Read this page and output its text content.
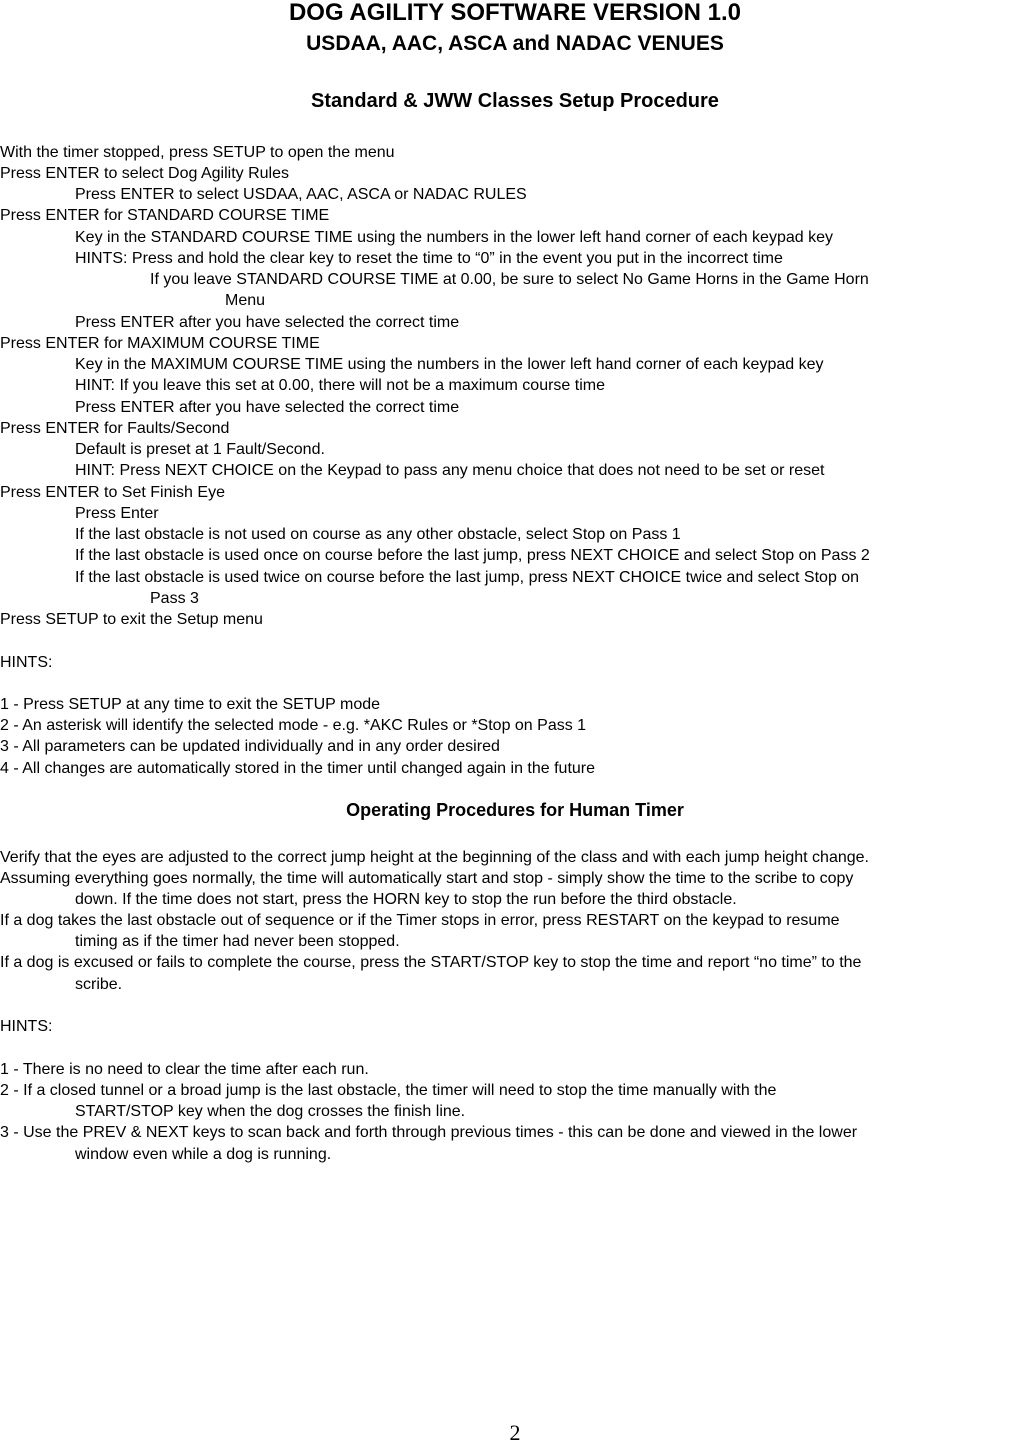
DOG AGILITY SOFTWARE VERSION 1.0
USDAA, AAC, ASCA and NADAC VENUES
Standard & JWW Classes Setup Procedure
With the timer stopped, press SETUP to open the menu
Press ENTER to select Dog Agility Rules
Press ENTER to select USDAA, AAC, ASCA or NADAC RULES
Press ENTER for STANDARD COURSE TIME
Key in the STANDARD COURSE TIME using the numbers in the lower left hand corner of each keypad key
HINTS: Press and hold the clear key to reset the time to “0” in the event you put in the incorrect time
If you leave STANDARD COURSE TIME at 0.00, be sure to select No Game Horns in the Game Horn
Menu
Press ENTER after you have selected the correct time
Press ENTER for MAXIMUM COURSE TIME
Key in the MAXIMUM COURSE TIME using the numbers in the lower left hand corner of each keypad key
HINT: If you leave this set at 0.00, there will not be a maximum course time
Press ENTER after you have selected the correct time
Press ENTER for Faults/Second
Default is preset at 1 Fault/Second.
HINT: Press NEXT CHOICE on the Keypad to pass any menu choice that does not need to be set or reset
Press ENTER to Set Finish Eye
Press Enter
If the last obstacle is not used on course as any other obstacle, select Stop on Pass 1
If the last obstacle is used once on course before the last jump, press NEXT CHOICE and select Stop on Pass 2
If the last obstacle is used twice on course before the last jump, press NEXT CHOICE twice and select Stop on
Pass 3
Press SETUP to exit the Setup menu
HINTS:
1 - Press SETUP at any time to exit the SETUP mode
2 - An asterisk will identify the selected mode - e.g. *AKC Rules or *Stop on Pass 1
3 - All parameters can be updated individually and in any order desired
4 - All changes are automatically stored in the timer until changed again in the future
Operating Procedures for Human Timer
Verify that the eyes are adjusted to the correct jump height at the beginning of the class and with each jump height change.
Assuming everything goes normally, the time will automatically start and stop - simply show the time to the scribe to copy
down. If the time does not start, press the HORN key to stop the run before the third obstacle.
If a dog takes the last obstacle out of sequence or if the Timer stops in error, press RESTART on the keypad to resume
timing as if the timer had never been stopped.
If a dog is excused or fails to complete the course, press the START/STOP key to stop the time and report “no time” to the
scribe.
HINTS:
1 - There is no need to clear the time after each run.
2 - If a closed tunnel or a broad jump is the last obstacle, the timer will need to stop the time manually with the
START/STOP key when the dog crosses the finish line.
3 - Use the PREV & NEXT keys to scan back and forth through previous times - this can be done and viewed in the lower
window even while a dog is running.
2
